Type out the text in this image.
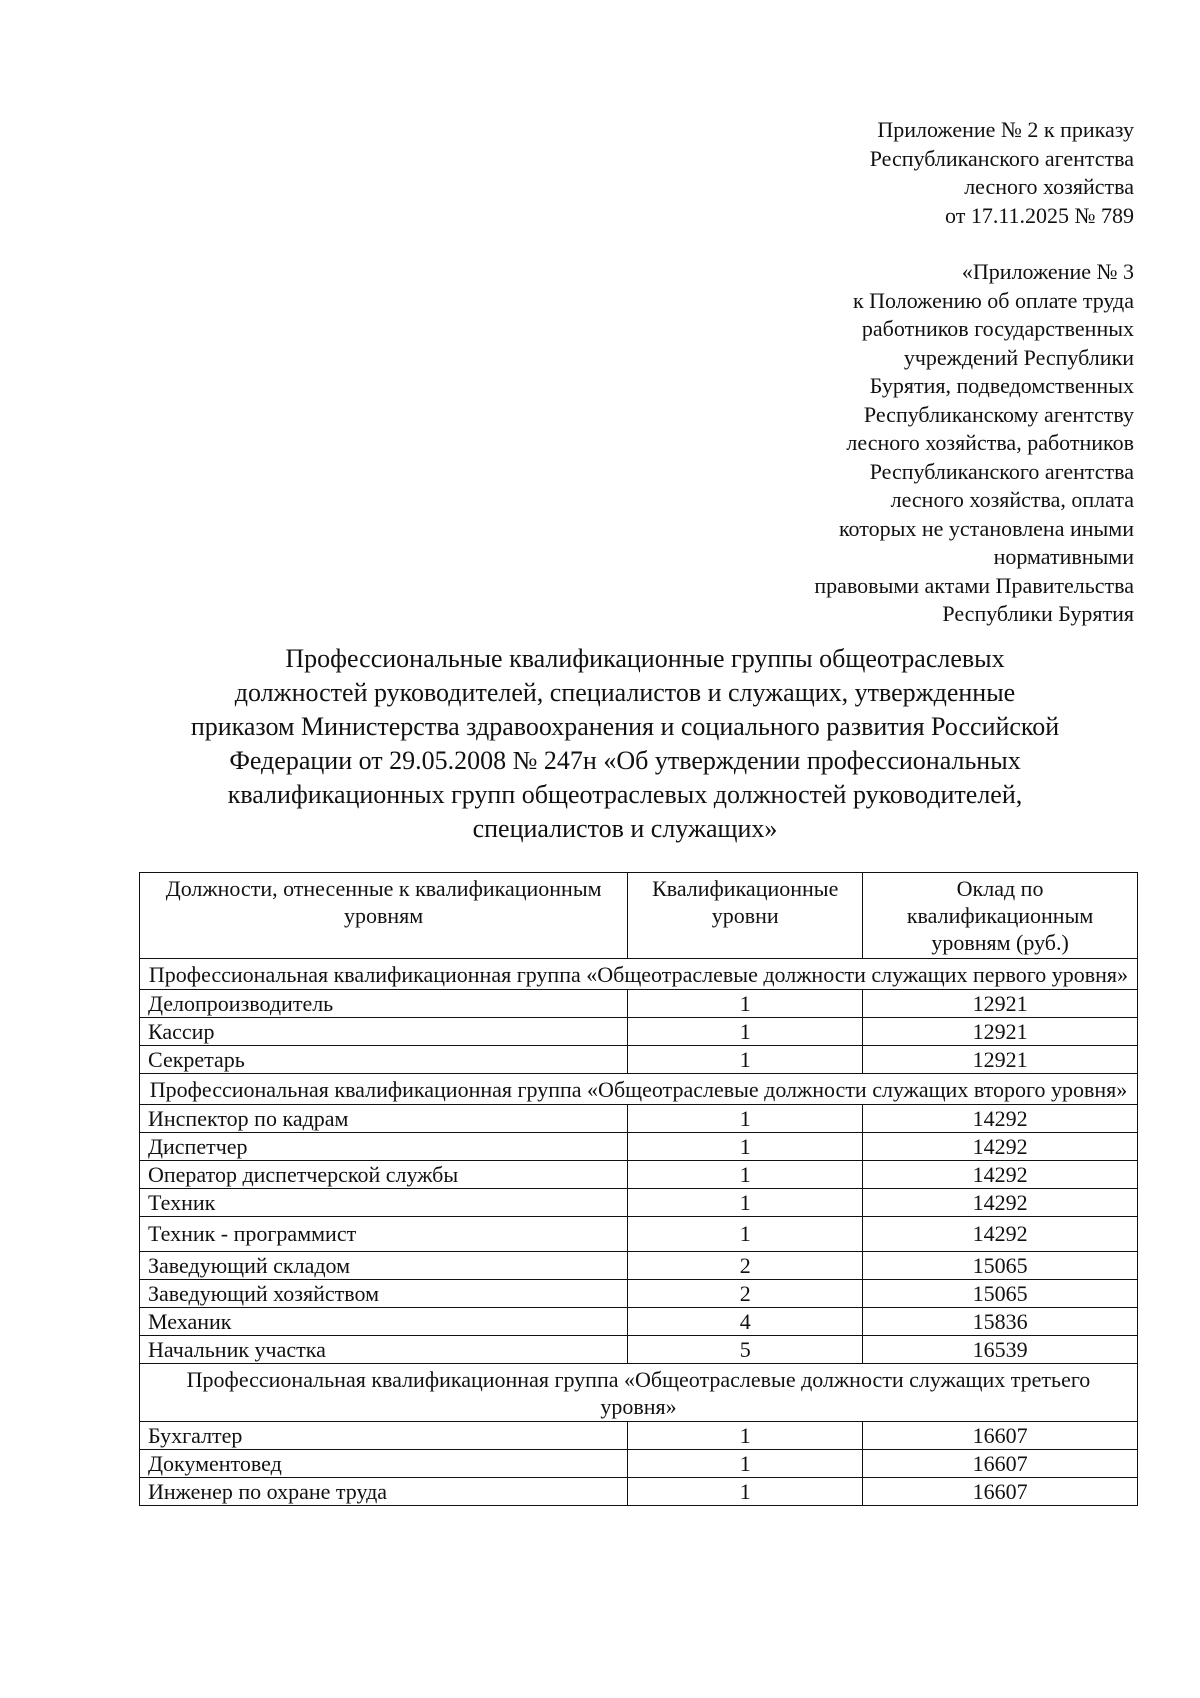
Приложение № 2 к приказу
Республиканского агентства
лесного хозяйства
от 17.11.2025 № 789
«Приложение № 3
к Положению об оплате труда
работников государственных
учреждений Республики
Бурятия, подведомственных
Республиканскому агентству
лесного хозяйства, работников
Республиканского агентства
лесного хозяйства, оплата
которых не установлена иными
нормативными
правовыми актами Правительства
Республики Бурятия
Профессиональные квалификационные группы общеотраслевых
должностей руководителей, специалистов и служащих, утвержденные
приказом Министерства здравоохранения и социального развития Российской
Федерации от 29.05.2008 № 247н «Об утверждении профессиональных
квалификационных групп общеотраслевых должностей руководителей,
специалистов и служащих»
Должности, отнесенные к квалификационным уровням	Квалификационные уровни	Оклад по квалификационным уровням (руб.)
Профессиональная квалификационная группа «Общеотраслевые должности служащих первого уровня»		
Делопроизводитель	1	12921
Кассир	1	12921
Секретарь	1	12921
Профессиональная квалификационная группа «Общеотраслевые должности служащих второго уровня»		
Инспектор по кадрам	1	14292
Диспетчер	1	14292
Оператор диспетчерской службы	1	14292
Техник	1	14292
Техник - программист	1	14292
Заведующий складом	2	15065
Заведующий хозяйством	2	15065
Механик	4	15836
Начальник участка	5	16539
Профессиональная квалификационная группа «Общеотраслевые должности служащих третьего уровня»		
Бухгалтер	1	16607
Документовед	1	16607
Инженер по охране труда	1	16607
